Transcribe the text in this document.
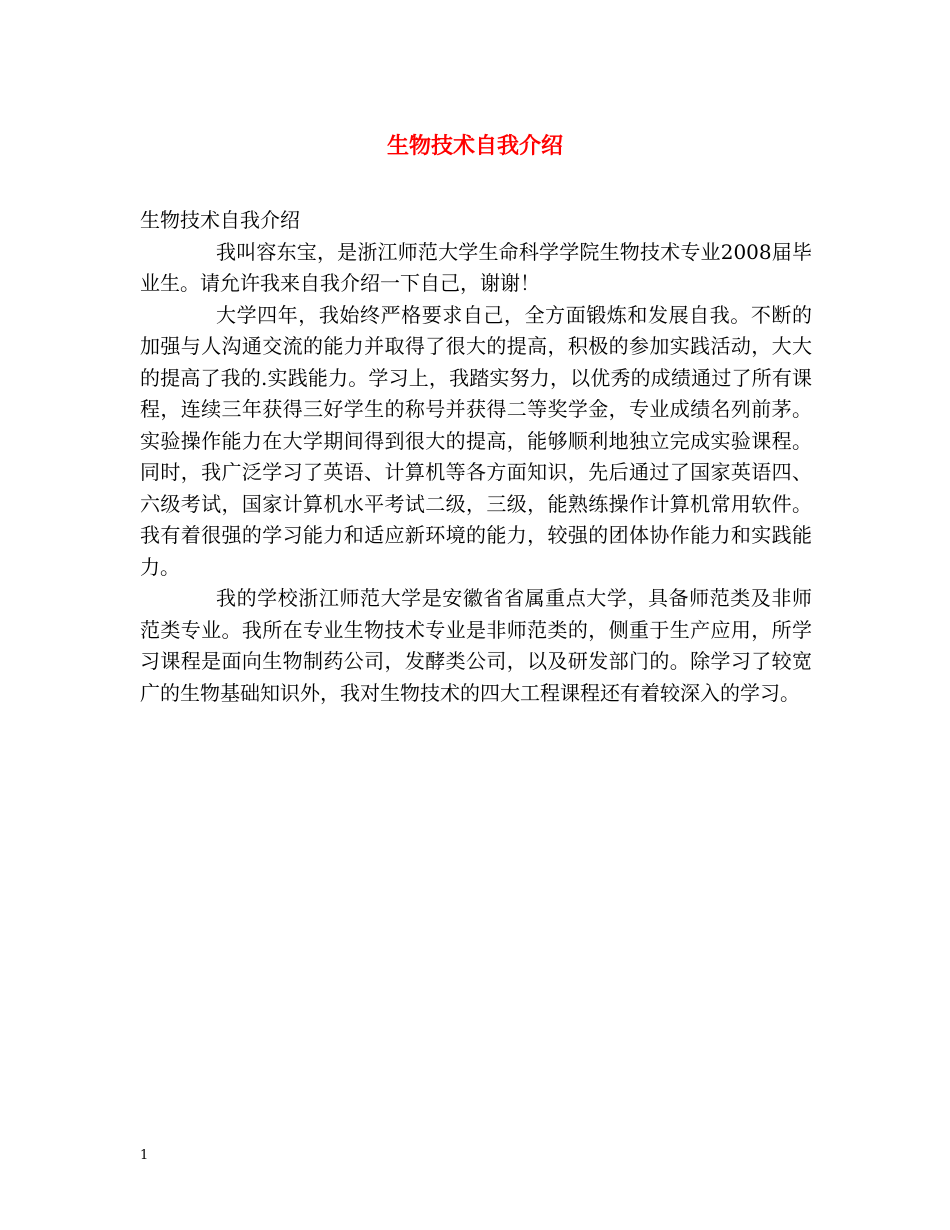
生物技术自我介绍

生物技术自我介绍

我叫容东宝，是浙江师范大学生命科学学院生物技术专业2008届毕业生。请允许我来自我介绍一下自己，谢谢！

大学四年，我始终严格要求自己，全方面锻炼和发展自我。不断的加强与人沟通交流的能力并取得了很大的提高，积极的参加实践活动，大大的提高了我的.实践能力。学习上，我踏实努力，以优秀的成绩通过了所有课程，连续三年获得三好学生的称号并获得二等奖学金，专业成绩名列前茅。实验操作能力在大学期间得到很大的提高，能够顺利地独立完成实验课程。同时，我广泛学习了英语、计算机等各方面知识，先后通过了国家英语四、六级考试，国家计算机水平考试二级，三级，能熟练操作计算机常用软件。我有着很强的学习能力和适应新环境的能力，较强的团体协作能力和实践能力。

我的学校浙江师范大学是安徽省省属重点大学，具备师范类及非师范类专业。我所在专业生物技术专业是非师范类的，侧重于生产应用，所学习课程是面向生物制药公司，发酵类公司，以及研发部门的。除学习了较宽广的生物基础知识外，我对生物技术的四大工程课程还有着较深入的学习。

1
